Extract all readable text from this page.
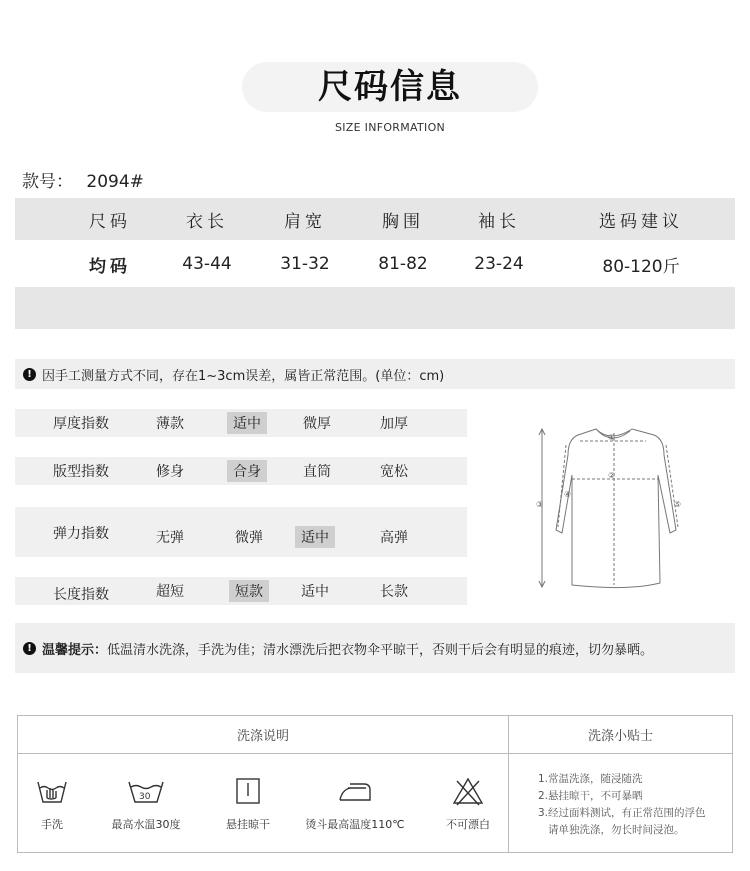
尺码信息
SIZE INFORMATION
款号： 2094#
尺码	衣长	肩宽	胸围	袖长	选码建议
均码	43-44	31-32	81-82	23-24	80-120斤
! 因手工测量方式不同，存在1~3cm误差，属皆正常范围。(单位：cm)
厚度指数	薄款	适中	微厚	加厚
版型指数	修身	合身	直筒	宽松
弹力指数	无弹	微弹	适中	高弹
长度指数	超短	短款	适中	长款
①
②
③
④
⑤
! 温馨提示：低温清水洗涤，手洗为佳；清水漂洗后把衣物伞平晾干，否则干后会有明显的痕迹，切勿暴晒。
洗涤说明	洗涤小贴士
手洗
30
最高水温30度	悬挂晾干	烫斗最高温度110℃	不可漂白
1.常温洗涤，随浸随洗
2.悬挂晾干，不可暴晒
3.经过面料测试，有正常范围的浮色
请单独洗涤，勿长时间浸泡。
